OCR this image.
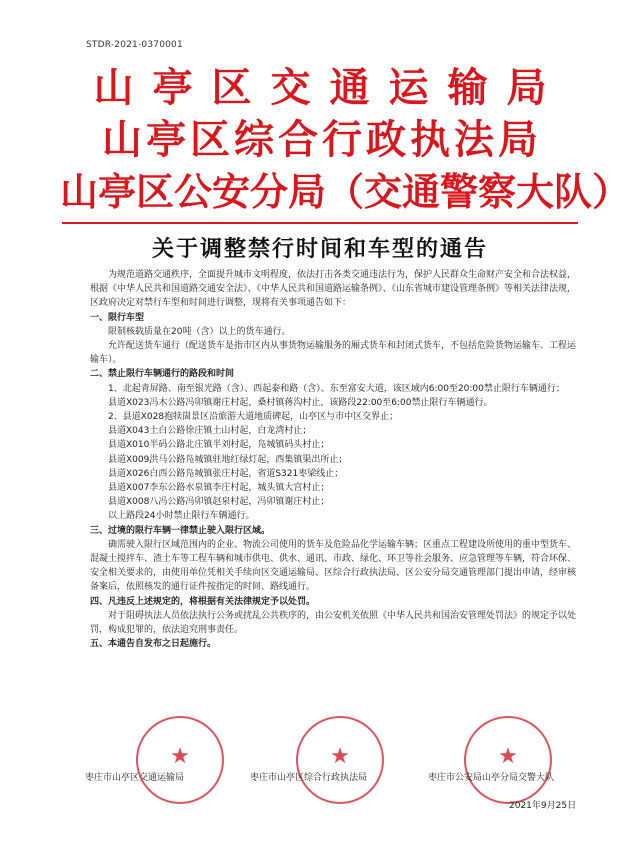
STDR-2021-0370001
山亭区交通运输局
山亭区综合行政执法局
山亭区公安分局（交通警察大队）
关于调整禁行时间和车型的通告

为规范道路交通秩序，全面提升城市文明程度，依法打击各类交通违法行为，保护人民群众生命财产安全和合法权益，根据《中华人民共和国道路交通安全法》、《中华人民共和国道路运输条例》、《山东省城市建设管理条例》等相关法律法规，区政府决定对禁行车型和时间进行调整，现将有关事项通告如下：

一、限行车型

限制核载质量在20吨（含）以上的货车通行。

允许配送货车通行（配送货车是指市区内从事货物运输服务的厢式货车和封闭式货车，不包括危险货物运输车、工程运输车）。

二、禁止限行车辆通行的路段和时间

1、北起青屏路、南至银光路（含）、西起泰和路（含）、东至富安大道，该区域内6:00至20:00禁止限行车辆通行；

县道X023冯木公路冯卯镇谢庄村起，桑村镇蒋沟村止，该路段22:00至6:00禁止限行车辆通行。

2、县道X028抱犊崮景区沿旅游大道地质碑起，山亭区与市中区交界止；

县道X043土白公路徐庄镇土山村起，白龙湾村止；

县道X010半码公路北庄镇半刘村起，凫城镇码头村止；

县道X009洪马公路凫城镇驻地红绿灯起，西集镇渠出所止；

县道X026白西公路凫城镇张庄村起，省道S321枣梁线止；

县道X007李东公路水泉镇李庄村起，城头镇大宫村止；

县道X008八冯公路冯卯镇赵泉村起，冯卯镇谢庄村止；

以上路段24小时禁止限行车辆通行。

三、过境的限行车辆一律禁止驶入限行区域。

确需驶入限行区域范围内的企业、物流公司使用的货车及危险品化学运输车辆；区重点工程建设所使用的重中型货车、混凝土搅拌车、渣土车等工程车辆和城市供电、供水、通讯、市政、绿化、环卫等社会服务、应急管理等车辆，符合环保、安全相关要求的，由使用单位凭相关手续向区交通运输局、区综合行政执法局、区公安分局交通管理部门提出申请，经审核备案后，依照核发的通行证件按指定的时间、路线通行。

四、凡违反上述规定的，将根据有关法律规定予以处罚。

对于阻碍执法人员依法执行公务或扰乱公共秩序的，由公安机关依照《中华人民共和国治安管理处罚法》的规定予以处罚，构成犯罪的，依法追究刑事责任。

五、本通告自发布之日起施行。

★	★	★
枣庄市山亭区交通运输局	枣庄市山亭区综合行政执法局	枣庄市公安局山亭分局交警大队
2021年9月25日
